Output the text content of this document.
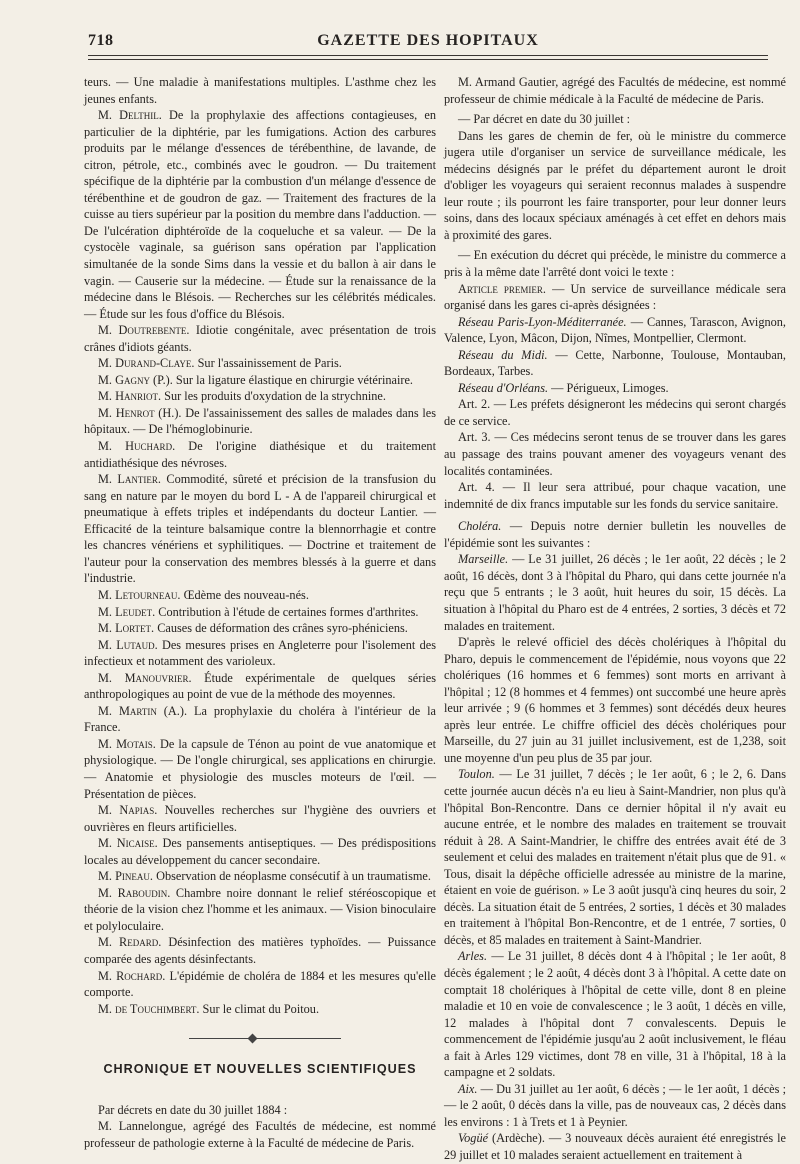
718	GAZETTE DES HOPITAUX

teurs. — Une maladie à manifestations multiples. L'asthme chez les jeunes enfants.

M. Delthil. De la prophylaxie des affections contagieuses, en particulier de la diphtérie, par les fumigations. Action des carbures produits par le mélange d'essences de térébenthine, de lavande, de citron, pétrole, etc., combinés avec le goudron. — Du traitement spécifique de la diphtérie par la combustion d'un mélange d'essence de térébenthine et de goudron de gaz. — Traitement des fractures de la cuisse au tiers supérieur par la position du membre dans l'adduction. — De l'ulcération diphtéroïde de la coqueluche et sa valeur. — De la cystocèle vaginale, sa guérison sans opération par l'application simultanée de la sonde Sims dans la vessie et du ballon à air dans le vagin. — Causerie sur la médecine. — Étude sur la renaissance de la médecine dans le Blésois. — Recherches sur les célébrités médicales. — Étude sur les fous d'office du Blésois.

M. Doutrebente. Idiotie congénitale, avec présentation de trois crânes d'idiots géants.

M. Durand-Claye. Sur l'assainissement de Paris.

M. Gagny (P.). Sur la ligature élastique en chirurgie vétérinaire.

M. Hanriot. Sur les produits d'oxydation de la strychnine.

M. Henrot (H.). De l'assainissement des salles de malades dans les hôpitaux. — De l'hémoglobinurie.

M. Huchard. De l'origine diathésique et du traitement antidiathésique des névroses.

M. Lantier. Commodité, sûreté et précision de la transfusion du sang en nature par le moyen du bord L - A de l'appareil chirurgical et pneumatique à effets triples et indépendants du docteur Lantier. — Efficacité de la teinture balsamique contre la blennorrhagie et contre les chancres vénériens et syphilitiques. — Doctrine et traitement de l'auteur pour la conservation des membres blessés à la guerre et dans l'industrie.

M. Letourneau. Œdème des nouveau-nés.

M. Leudet. Contribution à l'étude de certaines formes d'arthrites.

M. Lortet. Causes de déformation des crânes syro-phéniciens.

M. Lutaud. Des mesures prises en Angleterre pour l'isolement des infectieux et notamment des varioleux.

M. Manouvrier. Étude expérimentale de quelques séries anthropologiques au point de vue de la méthode des moyennes.

M. Martin (A.). La prophylaxie du choléra à l'intérieur de la France.

M. Motais. De la capsule de Ténon au point de vue anatomique et physiologique. — De l'ongle chirurgical, ses applications en chirurgie. — Anatomie et physiologie des muscles moteurs de l'œil. — Présentation de pièces.

M. Napias. Nouvelles recherches sur l'hygiène des ouvriers et ouvrières en fleurs artificielles.

M. Nicaise. Des pansements antiseptiques. — Des prédispositions locales au développement du cancer secondaire.

M. Pineau. Observation de néoplasme consécutif à un traumatisme.

M. Raboudin. Chambre noire donnant le relief stéréoscopique et théorie de la vision chez l'homme et les animaux. — Vision binoculaire et polyloculaire.

M. Redard. Désinfection des matières typhoïdes. — Puissance comparée des agents désinfectants.

M. Rochard. L'épidémie de choléra de 1884 et les mesures qu'elle comporte.

M. de Touchimbert. Sur le climat du Poitou.

CHRONIQUE ET NOUVELLES SCIENTIFIQUES

Par décrets en date du 30 juillet 1884 :

M. Lannelongue, agrégé des Facultés de médecine, est nommé professeur de pathologie externe à la Faculté de médecine de Paris.

M. Armand Gautier, agrégé des Facultés de médecine, est nommé professeur de chimie médicale à la Faculté de médecine de Paris.

— Par décret en date du 30 juillet :

Dans les gares de chemin de fer, où le ministre du commerce jugera utile d'organiser un service de surveillance médicale, les médecins désignés par le préfet du département auront le droit d'obliger les voyageurs qui seraient reconnus malades à suspendre leur route ; ils pourront les faire transporter, pour leur donner leurs soins, dans des locaux spéciaux aménagés à cet effet en dehors mais à proximité des gares.

— En exécution du décret qui précède, le ministre du commerce a pris à la même date l'arrêté dont voici le texte :

Article premier. — Un service de surveillance médicale sera organisé dans les gares ci-après désignées :

Réseau Paris-Lyon-Méditerranée. — Cannes, Tarascon, Avignon, Valence, Lyon, Mâcon, Dijon, Nîmes, Montpellier, Clermont.

Réseau du Midi. — Cette, Narbonne, Toulouse, Montauban, Bordeaux, Tarbes.

Réseau d'Orléans. — Périgueux, Limoges.

Art. 2. — Les préfets désigneront les médecins qui seront chargés de ce service.

Art. 3. — Ces médecins seront tenus de se trouver dans les gares au passage des trains pouvant amener des voyageurs venant des localités contaminées.

Art. 4. — Il leur sera attribué, pour chaque vacation, une indemnité de dix francs imputable sur les fonds du service sanitaire.

Choléra. — Depuis notre dernier bulletin les nouvelles de l'épidémie sont les suivantes :

Marseille. — Le 31 juillet, 26 décès ; le 1er août, 22 décès ; le 2 août, 16 décès, dont 3 à l'hôpital du Pharo, qui dans cette journée n'a reçu que 5 entrants ; le 3 août, huit heures du soir, 15 décès. La situation à l'hôpital du Pharo est de 4 entrées, 2 sorties, 3 décès et 72 malades en traitement.

D'après le relevé officiel des décès cholériques à l'hôpital du Pharo, depuis le commencement de l'épidémie, nous voyons que 22 cholériques (16 hommes et 6 femmes) sont morts en arrivant à l'hôpital ; 12 (8 hommes et 4 femmes) ont succombé une heure après leur arrivée ; 9 (6 hommes et 3 femmes) sont décédés deux heures après leur entrée. Le chiffre officiel des décès cholériques pour Marseille, du 27 juin au 31 juillet inclusivement, est de 1,238, soit une moyenne d'un peu plus de 35 par jour.

Toulon. — Le 31 juillet, 7 décès ; le 1er août, 6 ; le 2, 6. Dans cette journée aucun décès n'a eu lieu à Saint-Mandrier, non plus qu'à l'hôpital Bon-Rencontre. Dans ce dernier hôpital il n'y avait eu aucune entrée, et le nombre des malades en traitement se trouvait réduit à 28. A Saint-Mandrier, le chiffre des entrées avait été de 3 seulement et celui des malades en traitement n'était plus que de 91. « Tous, disait la dépêche officielle adressée au ministre de la marine, étaient en voie de guérison. » Le 3 août jusqu'à cinq heures du soir, 2 décès. La situation était de 5 entrées, 2 sorties, 1 décès et 30 malades en traitement à l'hôpital Bon-Rencontre, et de 1 entrée, 7 sorties, 0 décès, et 85 malades en traitement à Saint-Mandrier.

Arles. — Le 31 juillet, 8 décès dont 4 à l'hôpital ; le 1er août, 8 décès également ; le 2 août, 4 décès dont 3 à l'hôpital. A cette date on comptait 18 cholériques à l'hôpital de cette ville, dont 8 en pleine maladie et 10 en voie de convalescence ; le 3 août, 1 décès en ville, 12 malades à l'hôpital dont 7 convalescents. Depuis le commencement de l'épidémie jusqu'au 2 août inclusivement, le fléau a fait à Arles 129 victimes, dont 78 en ville, 31 à l'hôpital, 18 à la campagne et 2 soldats.

Aix. — Du 31 juillet au 1er août, 6 décès ; — le 1er août, 1 décès ; — le 2 août, 0 décès dans la ville, pas de nouveaux cas, 2 décès dans les environs : 1 à Trets et 1 à Peynier.

Vogüé (Ardèche). — 3 nouveaux décès auraient été enregistrés le 29 juillet et 10 malades seraient actuellement en traitement à
